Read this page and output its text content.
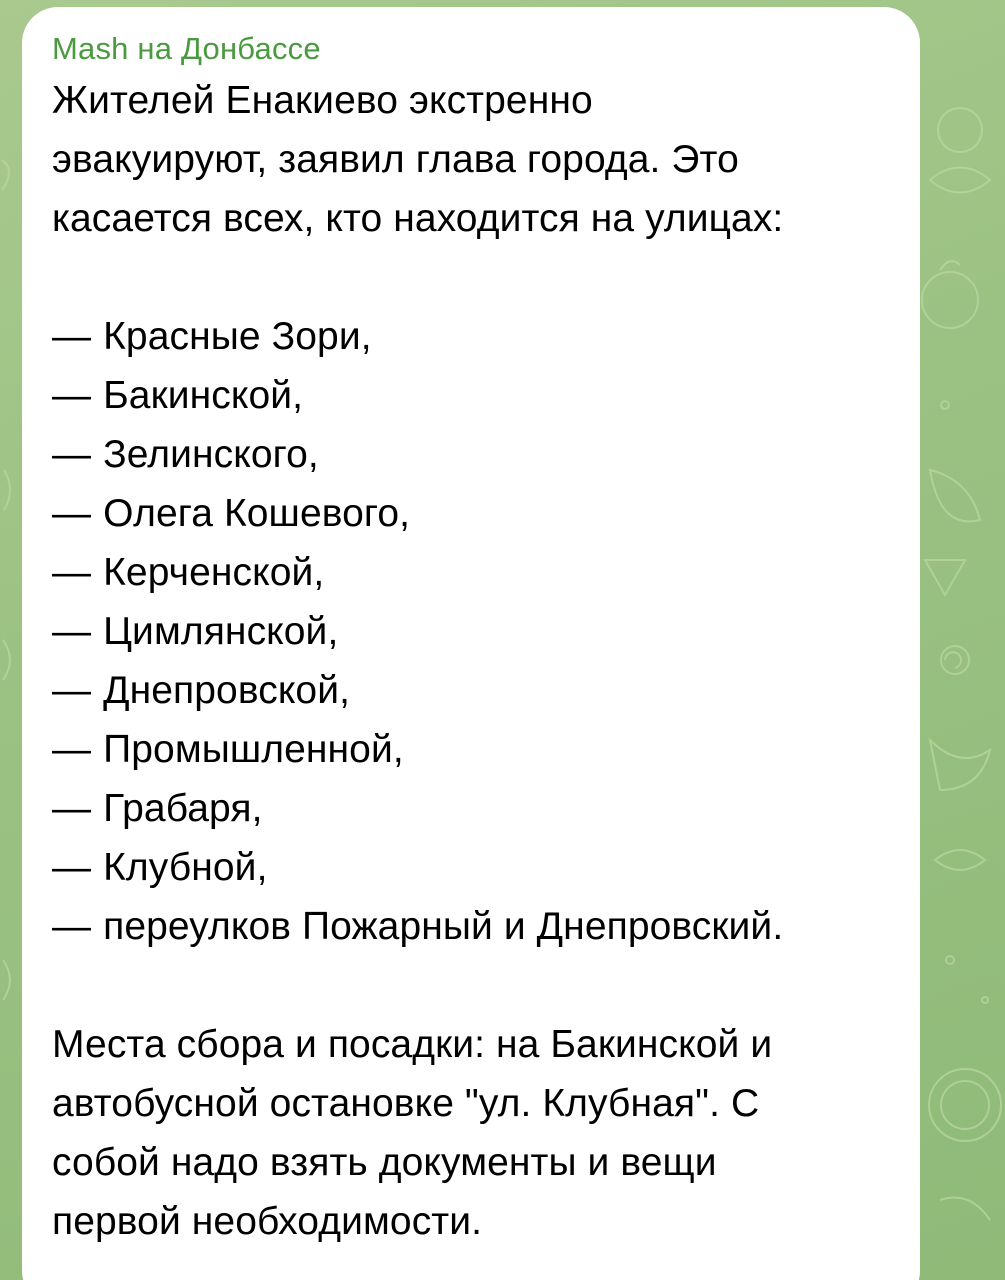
Mash на Донбассе
Жителей Енакиево экстренно
эвакуируют, заявил глава города. Это
касается всех, кто находится на улицах:
— Красные Зори,
— Бакинской,
— Зелинского,
— Олега Кошевого,
— Керченской,
— Цимлянской,
— Днепровской,
— Промышленной,
— Грабаря,
— Клубной,
— переулков Пожарный и Днепровский.
Места сбора и посадки: на Бакинской и
автобусной остановке "ул. Клубная". С
собой надо взять документы и вещи
первой необходимости.
